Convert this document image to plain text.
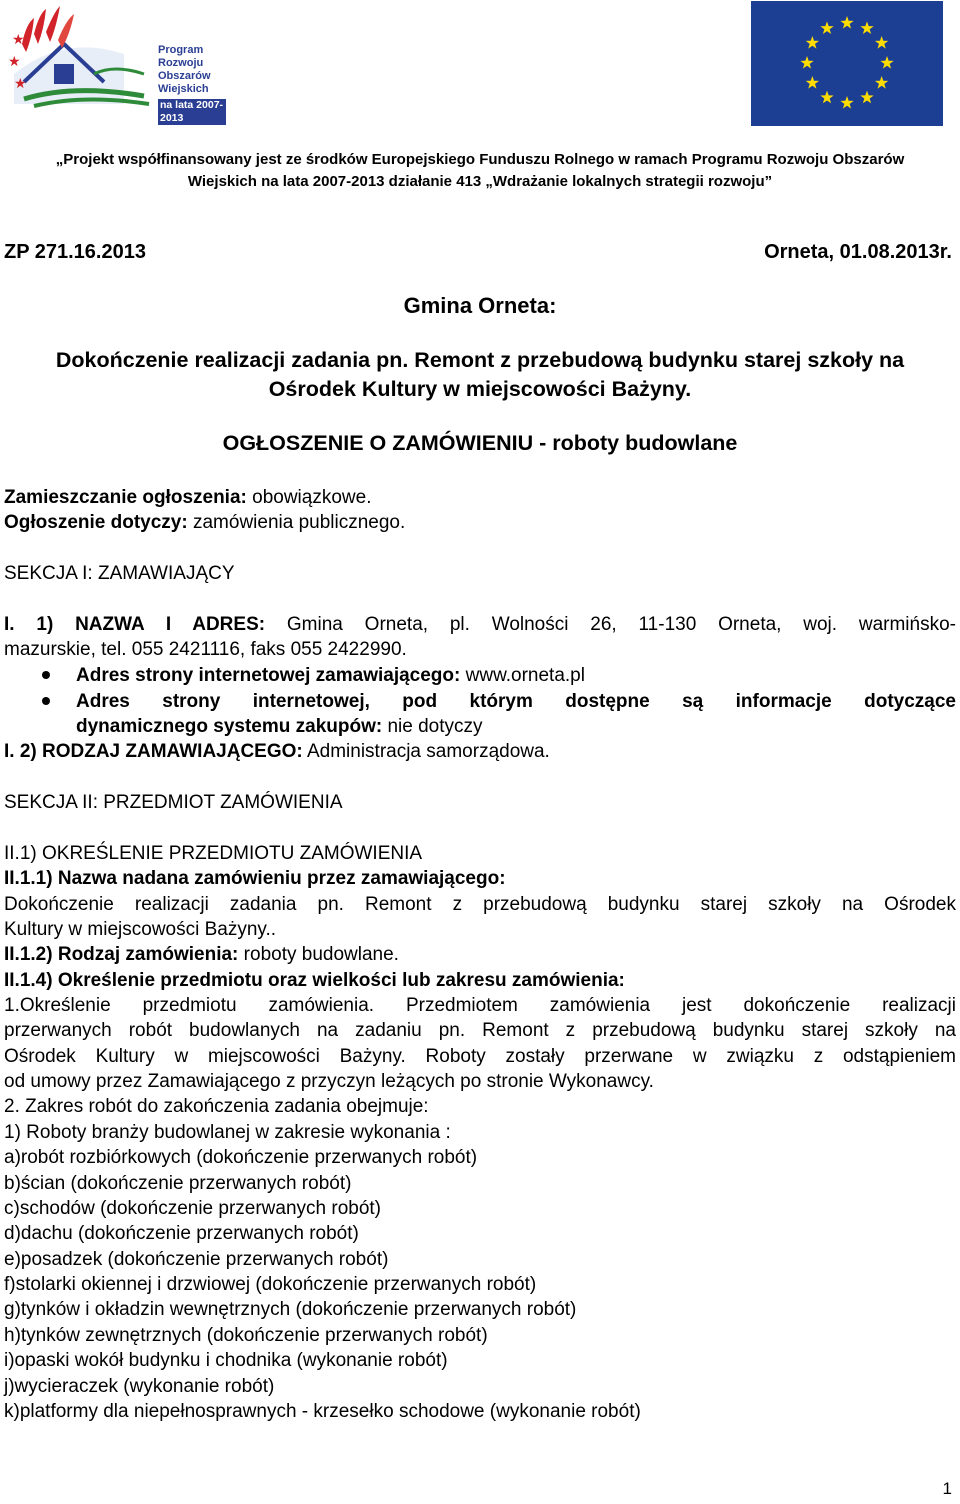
★
★
★
Program
Rozwoju
Obszarów
Wiejskich
na lata 2007-2013
„Projekt współfinansowany jest ze środków Europejskiego Funduszu Rolnego w ramach Programu Rozwoju Obszarów
Wiejskich na lata 2007-2013 działanie 413 „Wdrażanie lokalnych strategii rozwoju”
ZP 271.16.2013	Orneta, 01.08.2013r.
Gmina Orneta:
Dokończenie realizacji zadania pn. Remont z przebudową budynku starej szkoły na
Ośrodek Kultury w miejscowości Bażyny.
OGŁOSZENIE O ZAMÓWIENIU - roboty budowlane
Zamieszczanie ogłoszenia: obowiązkowe.
Ogłoszenie dotyczy: zamówienia publicznego.
SEKCJA I: ZAMAWIAJĄCY
I. 1) NAZWA I ADRES: Gmina Orneta, pl. Wolności 26, 11-130 Orneta, woj. warmińsko-
mazurskie, tel. 055 2421116, faks 055 2422990.
Adres strony internetowej zamawiającego: www.orneta.pl
Adres strony internetowej, pod którym dostępne są informacje dotyczące
dynamicznego systemu zakupów: nie dotyczy
I. 2) RODZAJ ZAMAWIAJĄCEGO: Administracja samorządowa.
SEKCJA II: PRZEDMIOT ZAMÓWIENIA
II.1) OKREŚLENIE PRZEDMIOTU ZAMÓWIENIA
II.1.1) Nazwa nadana zamówieniu przez zamawiającego:
Dokończenie realizacji zadania pn. Remont z przebudową budynku starej szkoły na Ośrodek
Kultury w miejscowości Bażyny..
II.1.2) Rodzaj zamówienia: roboty budowlane.
II.1.4) Określenie przedmiotu oraz wielkości lub zakresu zamówienia:
1.Określenie przedmiotu zamówienia. Przedmiotem zamówienia jest dokończenie realizacji
przerwanych robót budowlanych na zadaniu pn. Remont z przebudową budynku starej szkoły na
Ośrodek Kultury w miejscowości Bażyny. Roboty zostały przerwane w związku z odstąpieniem
od umowy przez Zamawiającego z przyczyn leżących po stronie Wykonawcy.
2. Zakres robót do zakończenia zadania obejmuje:
1) Roboty branży budowlanej w zakresie wykonania :
a)robót rozbiórkowych (dokończenie przerwanych robót)
b)ścian (dokończenie przerwanych robót)
c)schodów (dokończenie przerwanych robót)
d)dachu (dokończenie przerwanych robót)
e)posadzek (dokończenie przerwanych robót)
f)stolarki okiennej i drzwiowej (dokończenie przerwanych robót)
g)tynków i okładzin wewnętrznych (dokończenie przerwanych robót)
h)tynków zewnętrznych (dokończenie przerwanych robót)
i)opaski wokół budynku i chodnika (wykonanie robót)
j)wycieraczek (wykonanie robót)
k)platformy dla niepełnosprawnych - krzesełko schodowe (wykonanie robót)
1
